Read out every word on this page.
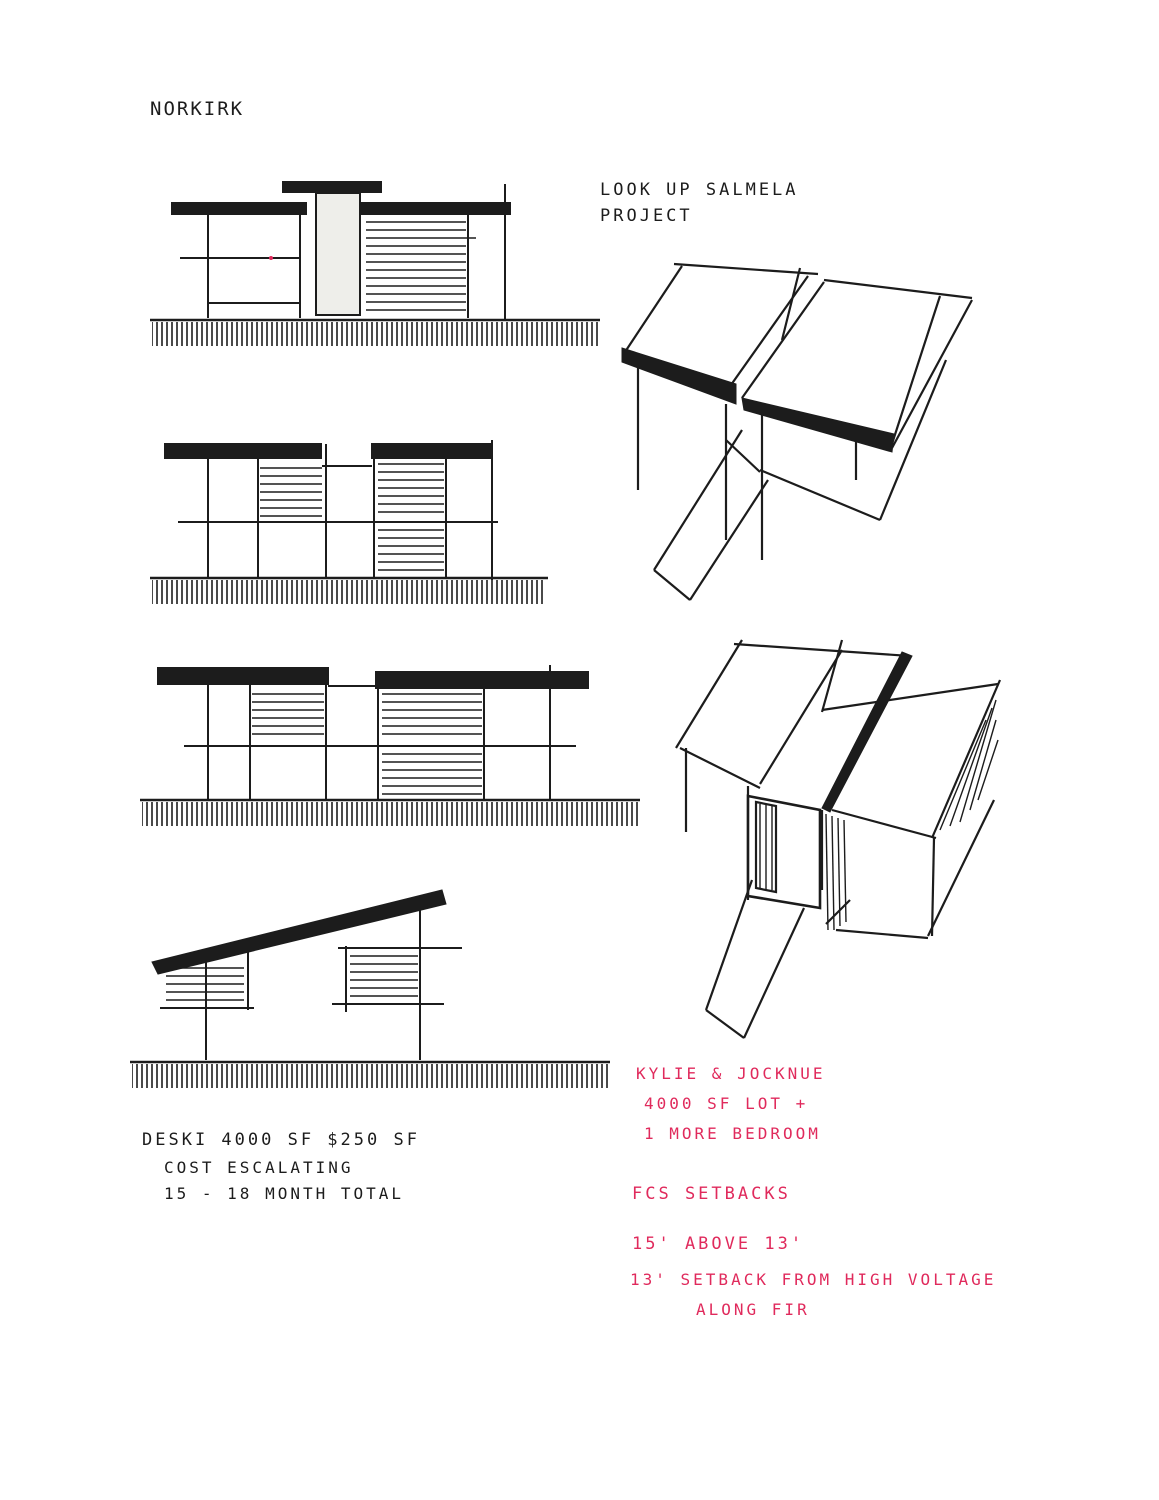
NORKIRK
LOOK UP SALMELA
PROJECT
DESKI 4000 SF $250 SF
COST ESCALATING
15 - 18 MONTH TOTAL
KYLIE & JOCKNUE
4000 SF LOT +
1 MORE BEDROOM
FCS SETBACKS
15' ABOVE 13'
13' SETBACK FROM HIGH VOLTAGE
ALONG FIR
